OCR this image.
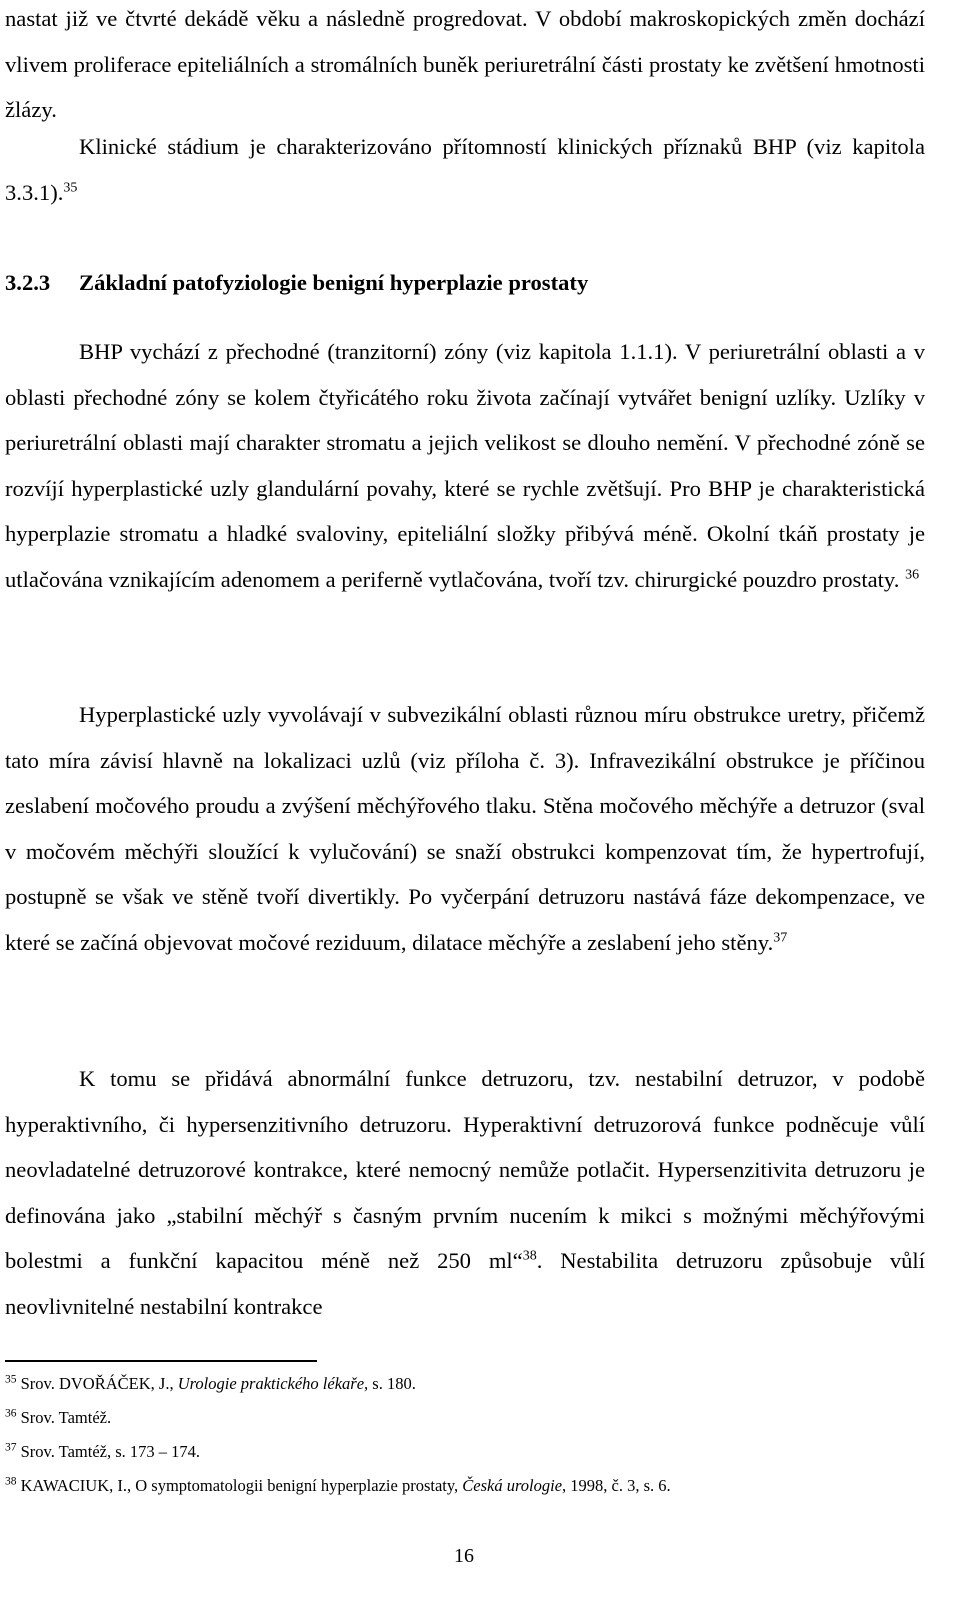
nastat již ve čtvrté dekádě věku a následně progredovat. V období makroskopických změn dochází vlivem proliferace epiteliálních a stromálních buněk periuretrální části prostaty ke zvětšení hmotnosti žlázy.

Klinické stádium je charakterizováno přítomností klinických příznaků BHP (viz kapitola 3.3.1).$^{35}$

3.2.3 Základní patofyziologie benigní hyperplazie prostaty

BHP vychází z přechodné (tranzitorní) zóny (viz kapitola 1.1.1). V periuretrální oblasti a v oblasti přechodné zóny se kolem čtyřicátého roku života začínají vytvářet benigní uzlíky. Uzlíky v periuretrální oblasti mají charakter stromatu a jejich velikost se dlouho nemění. V přechodné zóně se rozvíjí hyperplastické uzly glandulární povahy, které se rychle zvětšují. Pro BHP je charakteristická hyperplazie stromatu a hladké svaloviny, epiteliální složky přibývá méně. Okolní tkáň prostaty je utlačována vznikajícím adenomem a periferně vytlačována, tvoří tzv. chirurgické pouzdro prostaty. $^{36}$

Hyperplastické uzly vyvolávají v subvezikální oblasti různou míru obstrukce uretry, přičemž tato míra závisí hlavně na lokalizaci uzlů (viz příloha č. 3). Infravezikální obstrukce je příčinou zeslabení močového proudu a zvýšení měchýřového tlaku. Stěna močového měchýře a detruzor (sval v močovém měchýři sloužící k vylučování) se snaží obstrukci kompenzovat tím, že hypertrofují, postupně se však ve stěně tvoří divertikly. Po vyčerpání detruzoru nastává fáze dekompenzace, ve které se začíná objevovat močové reziduum, dilatace měchýře a zeslabení jeho stěny.$^{37}$

K tomu se přidává abnormální funkce detruzoru, tzv. nestabilní detruzor, v podobě hyperaktivního, či hypersenzitivního detruzoru. Hyperaktivní detruzorová funkce podněcuje vůlí neovladatelné detruzorové kontrakce, které nemocný nemůže potlačit. Hypersenzitivita detruzoru je definována jako „stabilní měchýř s časným prvním nucením k mikci s možnými měchýřovými bolestmi a funkční kapacitou méně než 250 ml“$^{38}$. Nestabilita detruzoru způsobuje vůlí neovlivnitelné nestabilní kontrakce

$^{35}$ Srov. DVOŘÁČEK, J., Urologie praktického lékaře, s. 180.

$^{36}$ Srov. Tamtéž.

$^{37}$ Srov. Tamtéž, s. 173 – 174.

$^{38}$ KAWACIUK, I., O symptomatologii benigní hyperplazie prostaty, Česká urologie, 1998, č. 3, s. 6.

16
